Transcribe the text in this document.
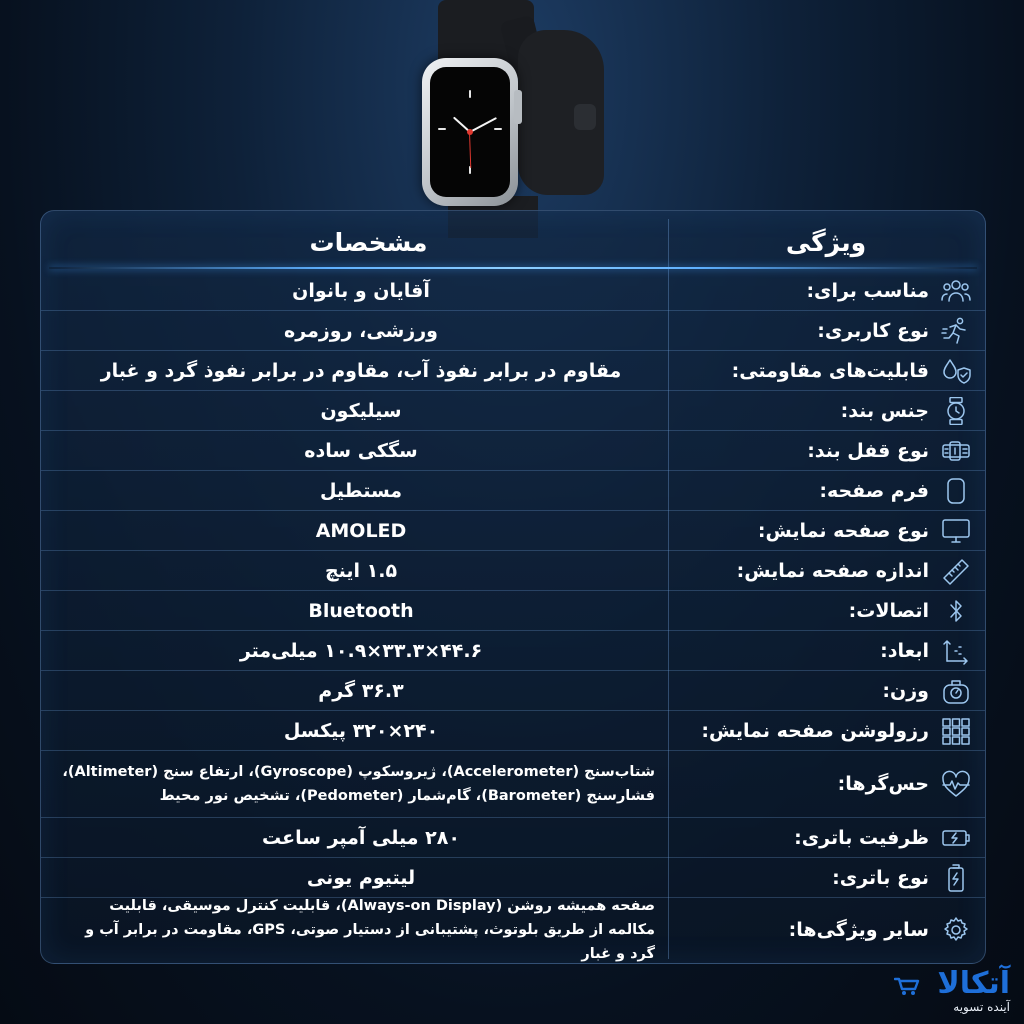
ویژگی
مشخصات
مناسب برای:
آقایان و بانوان
نوع کاربری:
ورزشی، روزمره
قابلیت‌های مقاومتی:
مقاوم در برابر نفوذ آب، مقاوم در برابر نفوذ گرد و غبار
جنس بند:
سیلیکون
نوع قفل بند:
سگکی ساده
فرم صفحه:
مستطیل
نوع صفحه نمایش:
AMOLED
اندازه صفحه نمایش:
۱.۵ اینچ
اتصالات:
Bluetooth
ابعاد:
۴۴.۶×۳۳.۳×۱۰.۹ میلی‌متر
وزن:
۳۶.۳ گرم
رزولوشن صفحه نمایش:
۲۴۰×۳۲۰ پیکسل
حس‌گرها:
شتاب‌سنج (Accelerometer)، ژیروسکوپ (Gyroscope)، ارتفاع سنج (Altimeter)، فشارسنج (Barometer)، گام‌شمار (Pedometer)، تشخیص نور محیط
ظرفیت باتری:
۲۸۰ میلی آمپر ساعت
نوع باتری:
لیتیوم یونی
سایر ویژگی‌ها:
صفحه همیشه روشن (Always-on Display)، قابلیت کنترل موسیقی، قابلیت مکالمه از طریق بلوتوث، پشتیبانی از دستیار صوتی، GPS، مقاومت در برابر آب و گرد و غبار
آتکالا
آینده تسویه
